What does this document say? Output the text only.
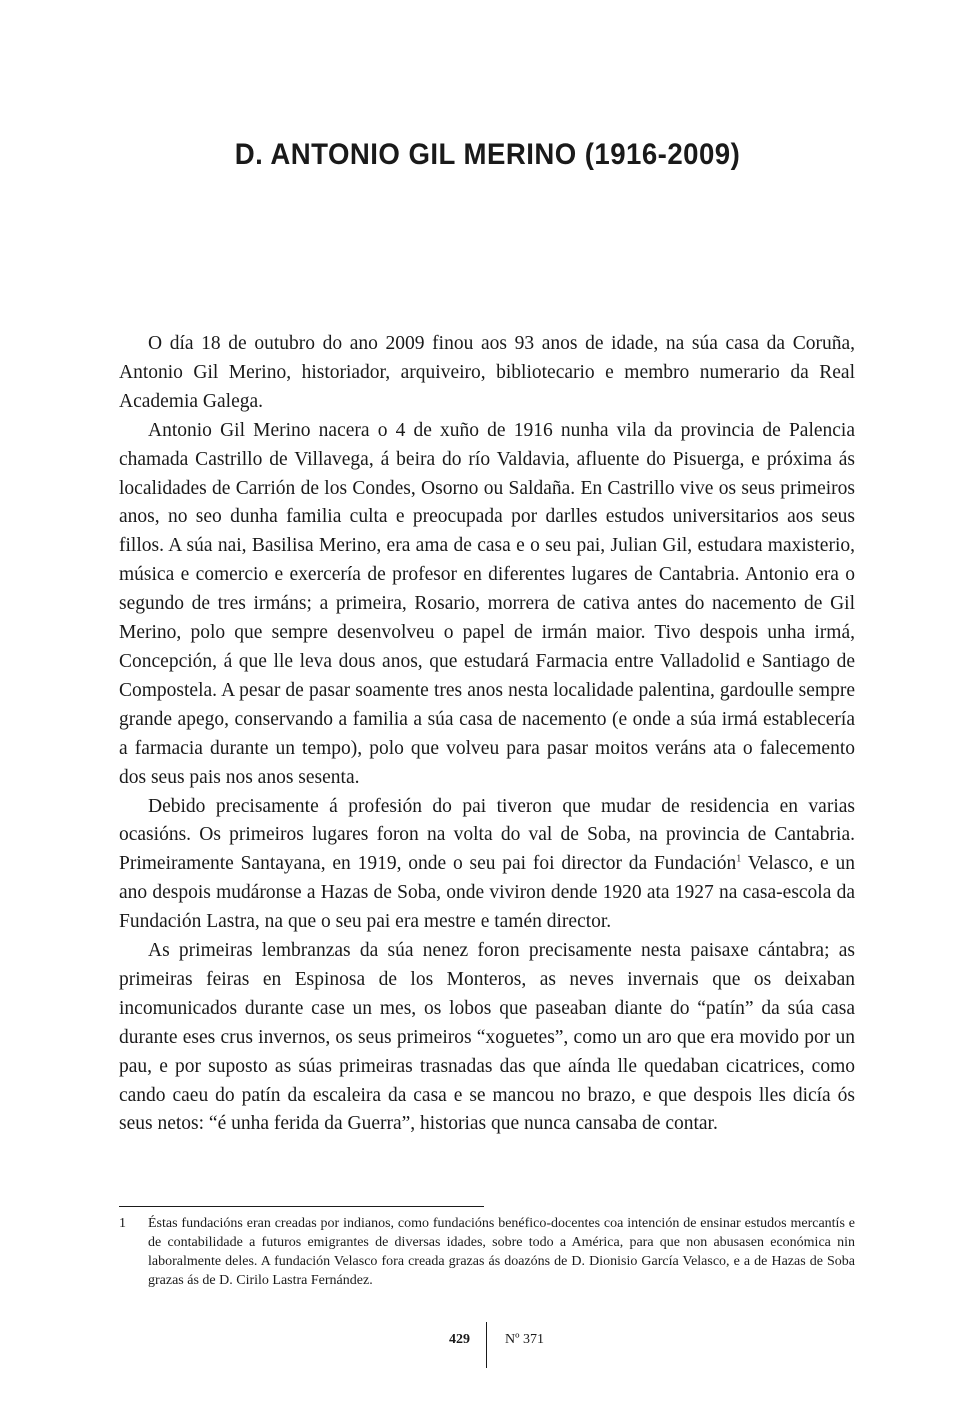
D. ANTONIO GIL MERINO (1916-2009)

O día 18 de outubro do ano 2009 finou aos 93 anos de idade, na súa casa da Coruña, Antonio Gil Merino, historiador, arquiveiro, bibliotecario e membro numerario da Real Academia Galega.

Antonio Gil Merino nacera o 4 de xuño de 1916 nunha vila da provincia de Palencia chamada Castrillo de Villavega, á beira do río Valdavia, afluente do Pisuerga, e próxima ás localidades de Carrión de los Condes, Osorno ou Saldaña. En Castrillo vive os seus primeiros anos, no seo dunha familia culta e preocupada por darlles estudos universitarios aos seus fillos. A súa nai, Basilisa Merino, era ama de casa e o seu pai, Julian Gil, estudara maxisterio, música e comercio e exercería de profesor en diferentes lugares de Cantabria. Antonio era o segundo de tres irmáns; a primeira, Rosario, morrera de cativa antes do nacemento de Gil Merino, polo que sempre desenvolveu o papel de irmán maior. Tivo despois unha irmá, Concepción, á que lle leva dous anos, que estudará Farmacia entre Valladolid e Santiago de Compostela. A pesar de pasar soamente tres anos nesta localidade palentina, gardoulle sempre grande apego, conservando a familia a súa casa de nacemento (e onde a súa irmá establecería a farmacia durante un tempo), polo que volveu para pasar moitos veráns ata o falecemento dos seus pais nos anos sesenta.

Debido precisamente á profesión do pai tiveron que mudar de residencia en varias ocasións. Os primeiros lugares foron na volta do val de Soba, na provincia de Cantabria. Primeiramente Santayana, en 1919, onde o seu pai foi director da Fundación$^1$ Velasco, e un ano despois mudáronse a Hazas de Soba, onde viviron dende 1920 ata 1927 na casa-escola da Fundación Lastra, na que o seu pai era mestre e tamén director.

As primeiras lembranzas da súa nenez foron precisamente nesta paisaxe cántabra; as primeiras feiras en Espinosa de los Monteros, as neves invernais que os deixaban incomunicados durante case un mes, os lobos que paseaban diante do “patín” da súa casa durante eses crus invernos, os seus primeiros “xoguetes”, como un aro que era movido por un pau, e por suposto as súas primeiras trasnadas das que aínda lle quedaban cicatrices, como cando caeu do patín da escaleira da casa e se mancou no brazo, e que despois lles dicía ós seus netos: “é unha ferida da Guerra”, historias que nunca cansaba de contar.

1 Éstas fundacións eran creadas por indianos, como fundacións benéfico-docentes coa intención de ensinar estudos mercantís e de contabilidade a futuros emigrantes de diversas idades, sobre todo a América, para que non abusasen económica nin laboralmente deles. A fundación Velasco fora creada grazas ás doazóns de D. Dionisio García Velasco, e a de Hazas de Soba grazas ás de D. Cirilo Lastra Fernández.
429	Nº 371
